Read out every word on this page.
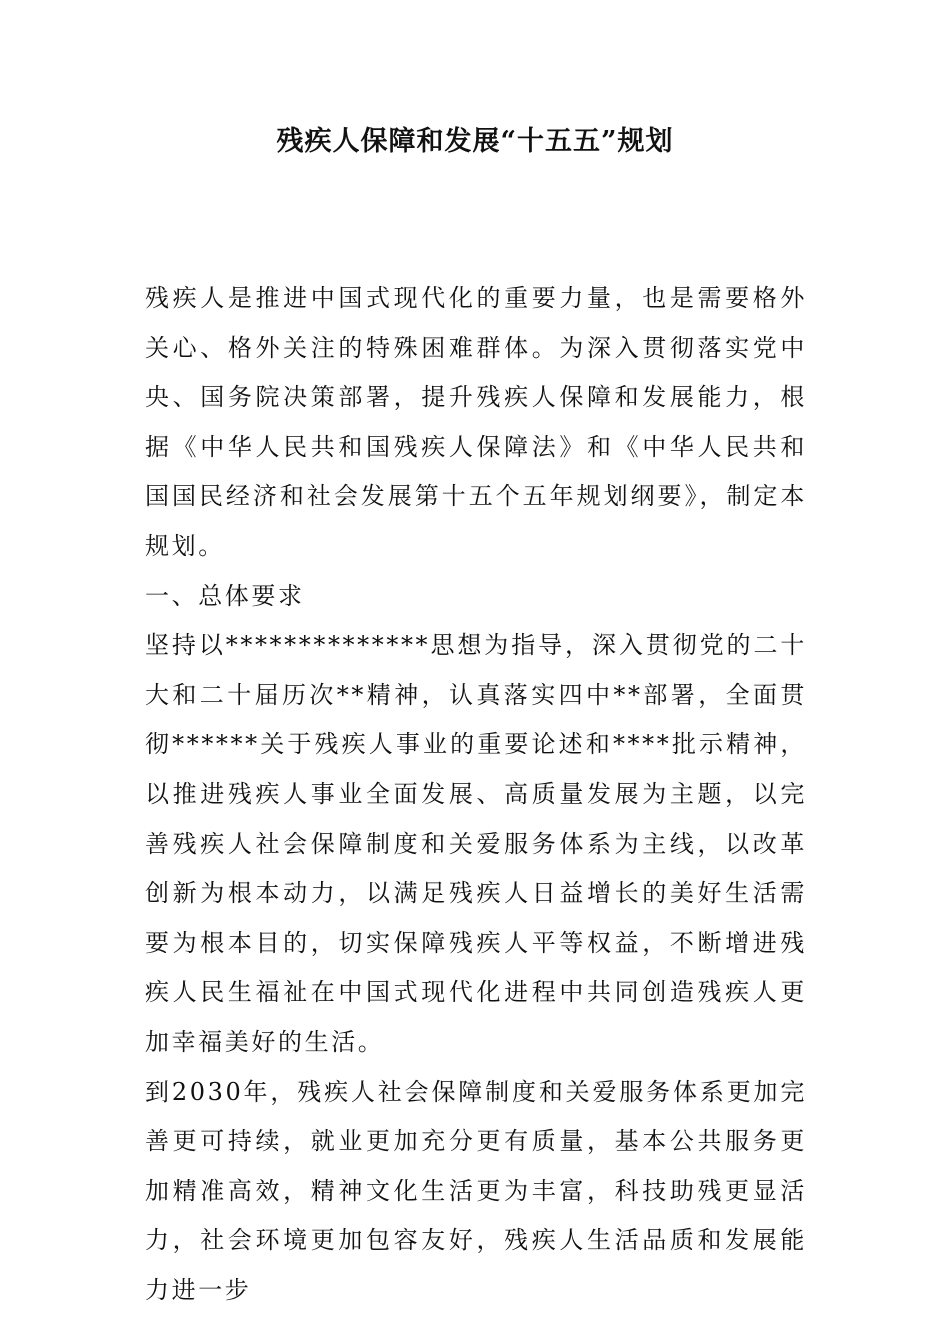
残疾人保障和发展“十五五”规划

残疾人是推进中国式现代化的重要力量，也是需要格外关心、格外关注的特殊困难群体。为深入贯彻落实党中央、国务院决策部署，提升残疾人保障和发展能力，根据《中华人民共和国残疾人保障法》和《中华人民共和国国民经济和社会发展第十五个五年规划纲要》，制定本规划。

一、总体要求

坚持以**************思想为指导，深入贯彻党的二十大和二十届历次**精神，认真落实四中**部署，全面贯彻******关于残疾人事业的重要论述和****批示精神，以推进残疾人事业全面发展、高质量发展为主题，以完善残疾人社会保障制度和关爱服务体系为主线，以改革创新为根本动力，以满足残疾人日益增长的美好生活需要为根本目的，切实保障残疾人平等权益，不断增进残疾人民生福祉在中国式现代化进程中共同创造残疾人更加幸福美好的生活。

到2030年，残疾人社会保障制度和关爱服务体系更加完善更可持续，就业更加充分更有质量，基本公共服务更加精准高效，精神文化生活更为丰富，科技助残更显活力，社会环境更加包容友好，残疾人生活品质和发展能力进一步
